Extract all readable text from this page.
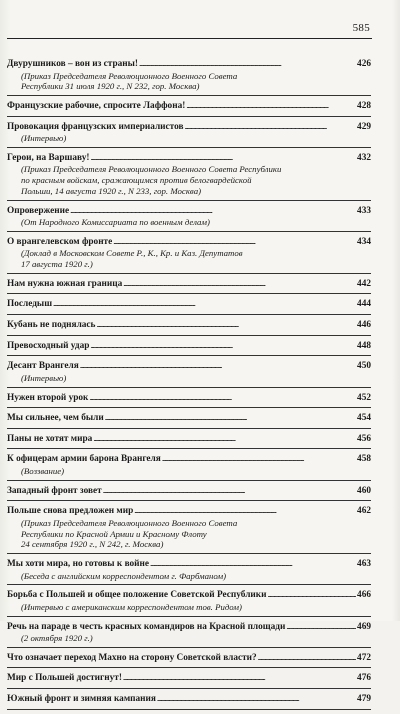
585
Двурушников – вон из страны! . . .	426
(Приказ Председателя Революционного Военного Совета
Республики 31 июля 1920 г., N 232, гор. Москва)
Французские рабочие, спросите Лаффона! . . .	428
Провокация французских империалистов . . .	429
(Интервью)
Герои, на Варшаву! . . .	432
(Приказ Председателя Революционного Военного Совета Республики
по красным войскам, сражающимся против белогвардейской
Польши, 14 августа 1920 г., N 233, гор. Москва)
Опровержение . . .	433
(От Народного Комиссариата по военным делам)
О врангелевском фронте . . .	434
(Доклад в Московском Совете Р., К., Кр. и Каз. Депутатов
17 августа 1920 г.)
Нам нужна южная граница . . .	442
Последыш . . .	444
Кубань не поднялась . . .	446
Превосходный удар . . .	448
Десант Врангеля . . .	450
(Интервью)
Нужен второй урок . . .	452
Мы сильнее, чем были . . .	454
Паны не хотят мира . . .	456
К офицерам армии барона Врангеля . . .	458
(Воззвание)
Западный фронт зовет . . .	460
Польше снова предложен мир . . .	462
(Приказ Председателя Революционного Военного Совета
Республики по Красной Армии и Красному Флоту
24 сентября 1920 г., N 242, г. Москва)
Мы хоти мира, но готовы к войне . . .	463
(Беседа с английским корреспондентом г. Фарбманом)
Борьба с Польшей и общее положение Советской Республики . . .	466
(Интервью с американским корреспондентом тов. Ридом)
Речь на параде в честь красных командиров на Красной площади . . .	469
(2 октября 1920 г.)
Что означает переход Махно на сторону Советской власти? . . .	472
Мир с Польшей достигнут! . . .	476
Южный фронт и зимняя кампания . . .	479
